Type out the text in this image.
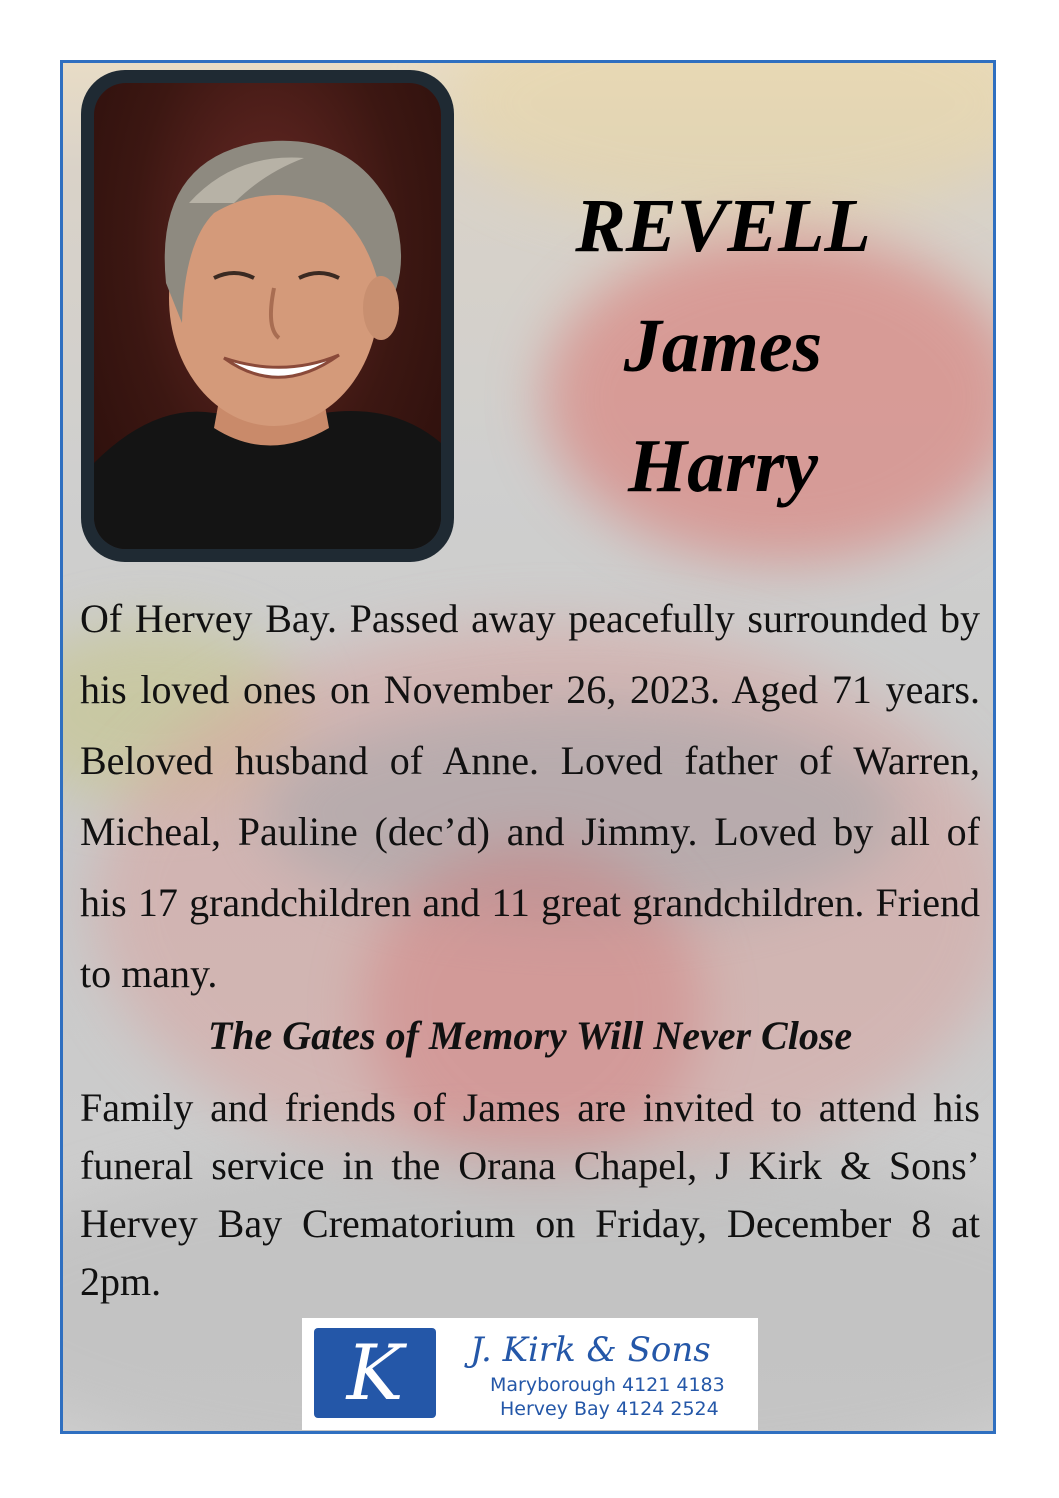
REVELL
James
Harry
Of Hervey Bay. Passed away peacefully surrounded by his loved ones on November 26, 2023. Aged 71 years. Beloved husband of Anne. Loved father of Warren, Micheal, Pauline (dec’d) and Jimmy. Loved by all of his 17 grandchildren and 11 great grandchildren. Friend to many.
The Gates of Memory Will Never Close
Family and friends of James are invited to attend his funeral service in the Orana Chapel, J Kirk & Sons’ Hervey Bay Crematorium on Friday, December 8 at 2pm.
K	J. Kirk & Sons
Maryborough 4121 4183
Hervey Bay 4124 2524
